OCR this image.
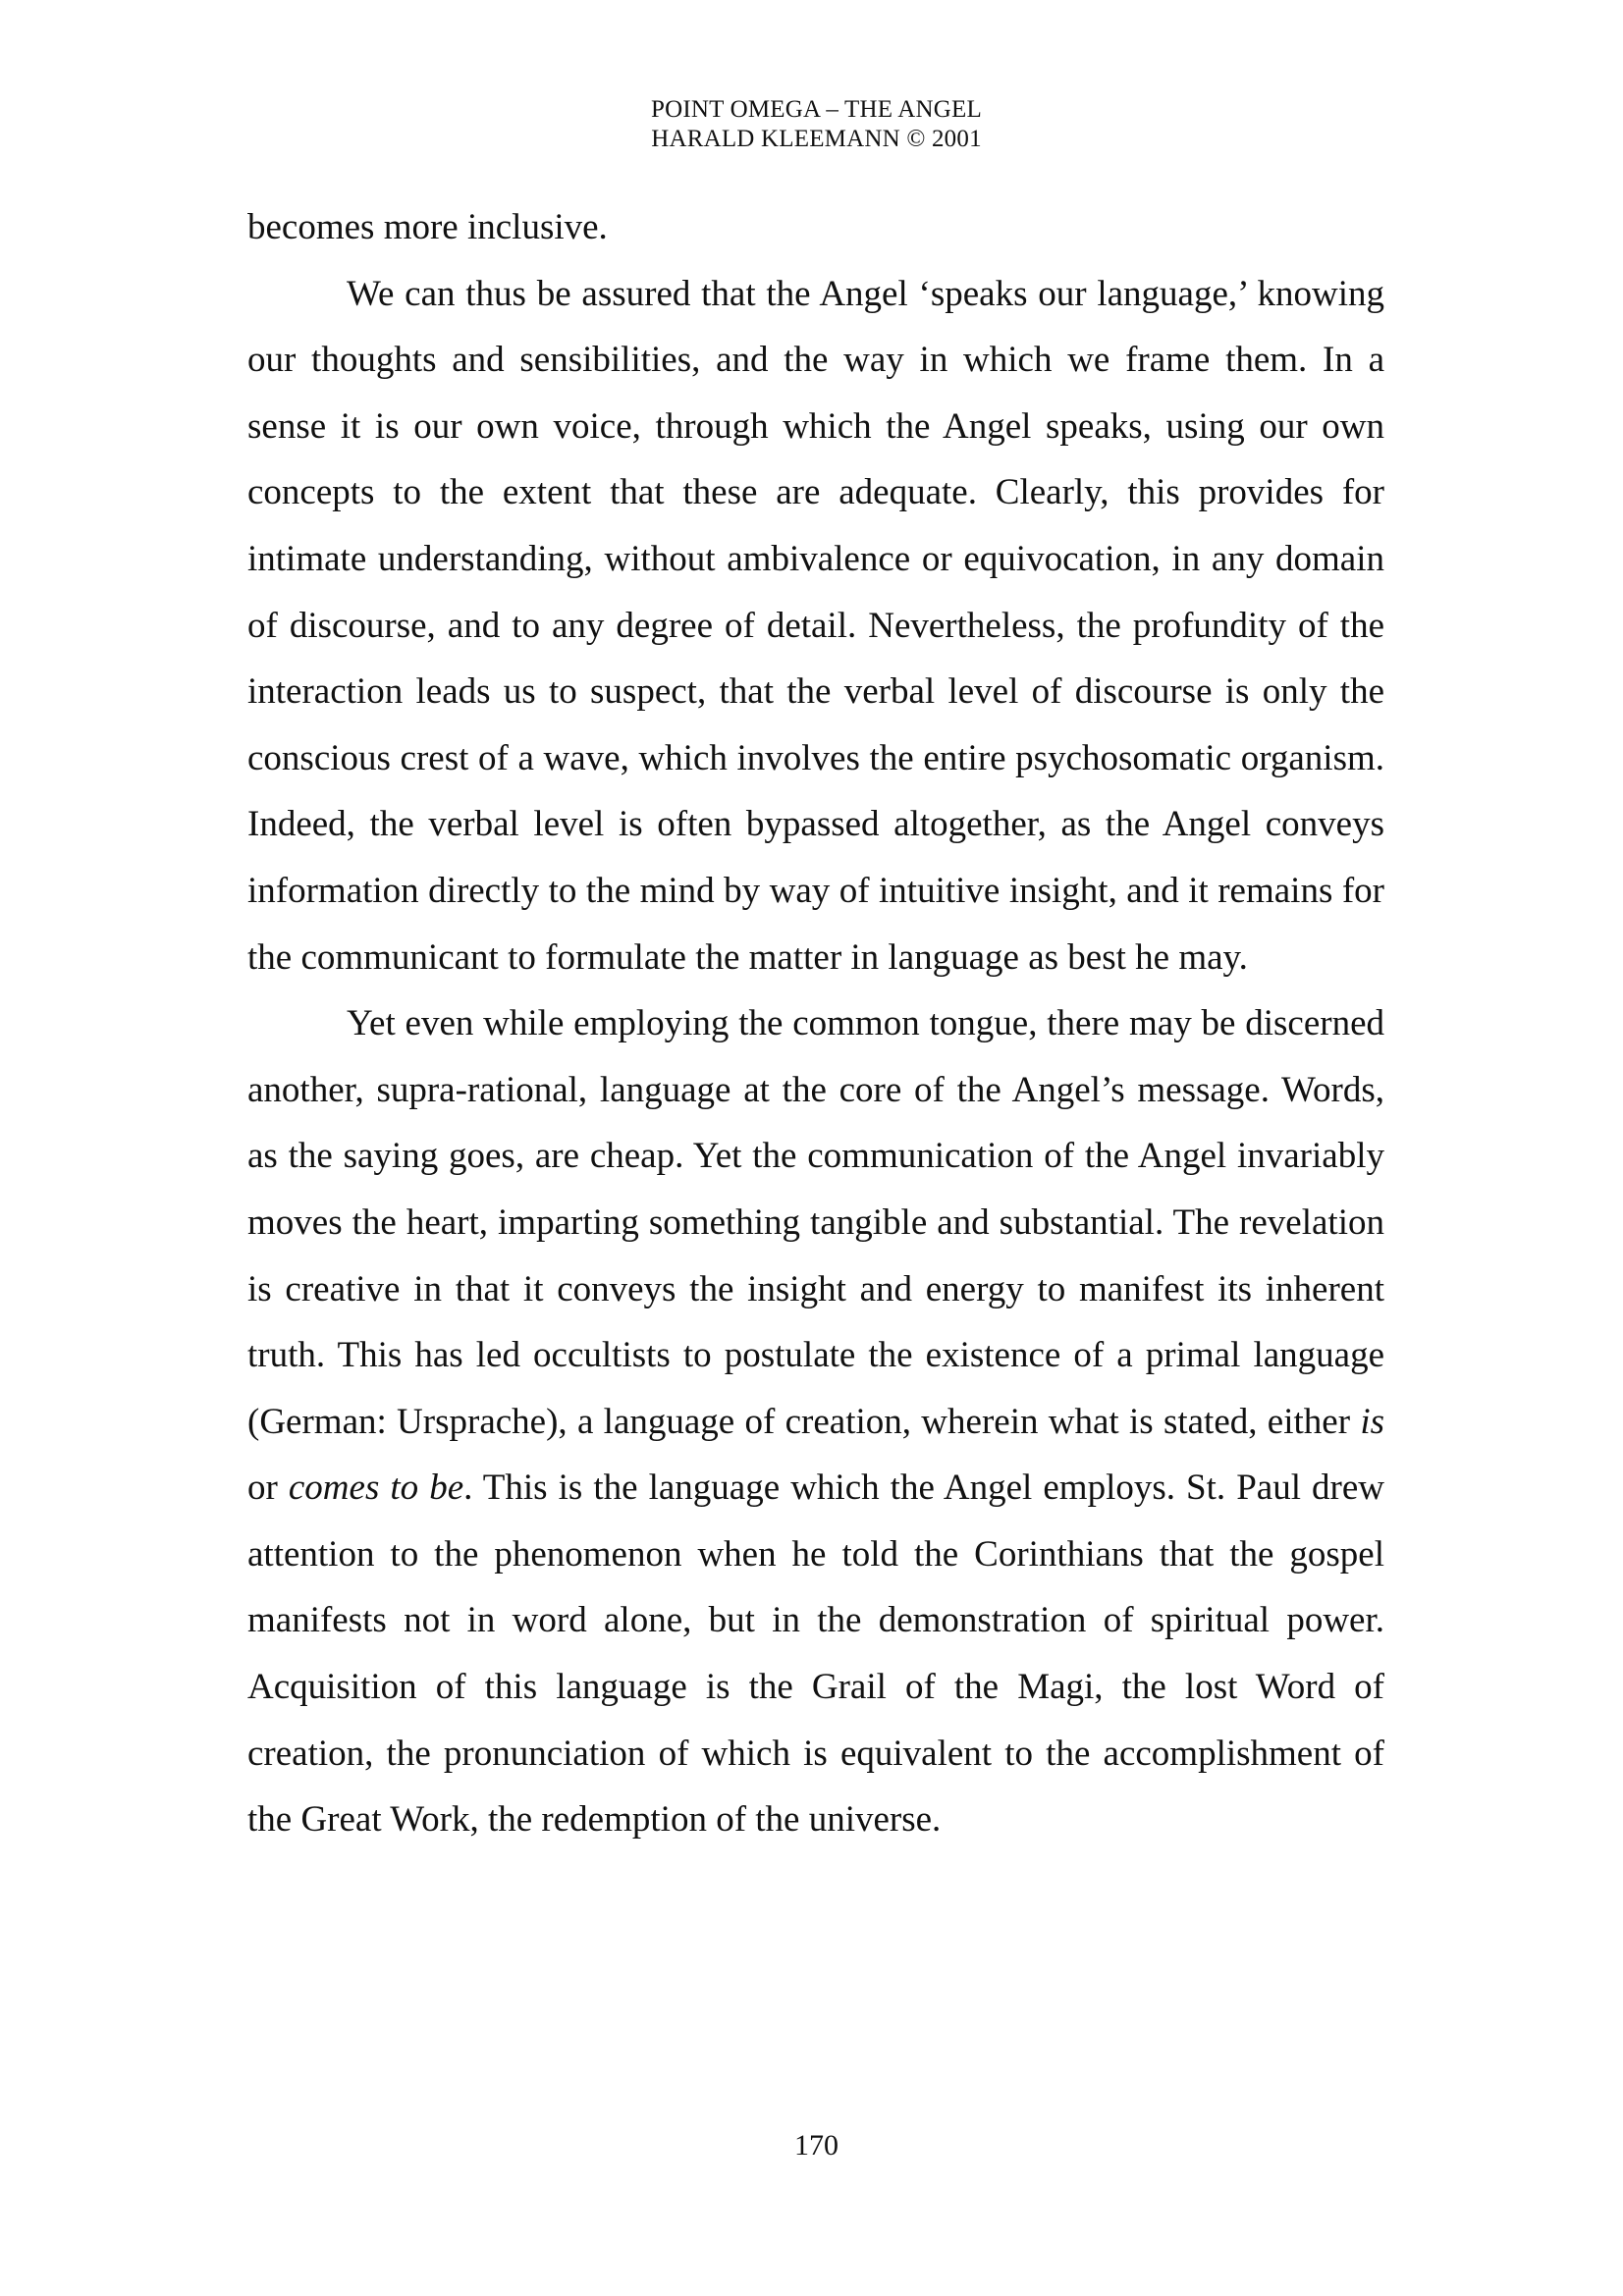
POINT OMEGA – THE ANGEL
HARALD KLEEMANN © 2001

becomes more inclusive.

We can thus be assured that the Angel ‘speaks our language,’ knowing our thoughts and sensibilities, and the way in which we frame them. In a sense it is our own voice, through which the Angel speaks, using our own concepts to the extent that these are adequate. Clearly, this provides for intimate understanding, without ambivalence or equivocation, in any domain of discourse, and to any degree of detail. Nevertheless, the profundity of the interaction leads us to suspect, that the verbal level of discourse is only the conscious crest of a wave, which involves the entire psychosomatic organism. Indeed, the verbal level is often bypassed altogether, as the Angel conveys information directly to the mind by way of intuitive insight, and it remains for the communicant to formulate the matter in language as best he may.

Yet even while employing the common tongue, there may be discerned another, supra-rational, language at the core of the Angel’s message. Words, as the saying goes, are cheap. Yet the communication of the Angel invariably moves the heart, imparting something tangible and substantial. The revelation is creative in that it conveys the insight and energy to manifest its inherent truth. This has led occultists to postulate the existence of a primal language (German: Ursprache), a language of creation, wherein what is stated, either is or comes to be. This is the language which the Angel employs. St. Paul drew attention to the phenomenon when he told the Corinthians that the gospel manifests not in word alone, but in the demonstration of spiritual power. Acquisition of this language is the Grail of the Magi, the lost Word of creation, the pronunciation of which is equivalent to the accomplishment of the Great Work, the redemption of the universe.

170
